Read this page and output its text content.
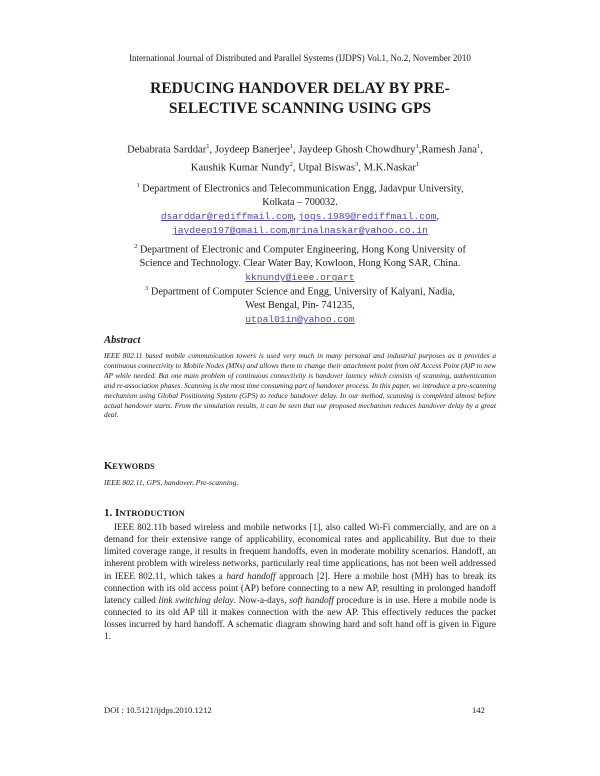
International Journal of Distributed and Parallel Systems (IJDPS) Vol.1, No.2, November 2010
REDUCING HANDOVER DELAY BY PRE-
SELECTIVE SCANNING USING GPS
Debabrata Sarddar$^1$, Joydeep Banerjee$^1$, Jaydeep Ghosh Chowdhury$^1$,Ramesh Jana$^1$, Kaushik Kumar Nundy$^2$, Utpal Biswas$^3$, M.K.Naskar$^1$
$^1$ Department of Electronics and Telecommunication Engg, Jadavpur University,
Kolkata – 700032.
dsarddar@rediffmail.com, jogs.1989@rediffmail.com,
jaydeep197@gmail.com,mrinalnaskar@yahoo.co.in
$^2$ Department of Electronic and Computer Engineering, Hong Kong University of
Science and Technology. Clear Water Bay, Kowloon, Hong Kong SAR, China.
kknundy@ieee.orgart
$^3$ Department of Computer Science and Engg, University of Kalyani, Nadia,
West Bengal, Pin- 741235,
utpal01in@yahoo.com
Abstract
IEEE 802.11 based mobile communication towers is used very much in many personal and industrial purposes as it provides a continuous connectivity to Mobile Nodes (MNs) and allows them to change their attachment point from old Access Point (A)P to new AP while needed. But one main problem of continuous connectivity is handover latency which consists of scanning, authentication and re-association phases. Scanning is the most time consuming part of handover process. In this paper, we introduce a pre-scanning mechanism using Global Positioning System (GPS) to reduce handover delay. In our method, scanning is completed almost before actual handover starts. From the simulation results, it can be seen that our proposed mechanism reduces handover delay by a great deal.
KEYWORDS
IEEE 802.11, GPS, handover, Pre-scanning.
1. INTRODUCTION

IEEE 802.11b based wireless and mobile networks [1], also called Wi-Fi commercially, and are on a demand for their extensive range of applicability, economical rates and applicability. But due to their limited coverage range, it results in frequent handoffs, even in moderate mobility scenarios. Handoff, an inherent problem with wireless networks, particularly real time applications, has not been well addressed in IEEE 802.11, which takes a hard handoff approach [2]. Here a mobile host (MH) has to break its connection with its old access point (AP) before connecting to a new AP, resulting in prolonged handoff latency called link switching delay. Now-a-days, soft handoff procedure is in use. Here a mobile node is connected to its old AP till it makes connection with the new AP. This effectively reduces the packet losses incurred by hard handoff. A schematic diagram showing hard and soft hand off is given in Figure 1.

DOI : 10.5121/ijdps.2010.1212	142
